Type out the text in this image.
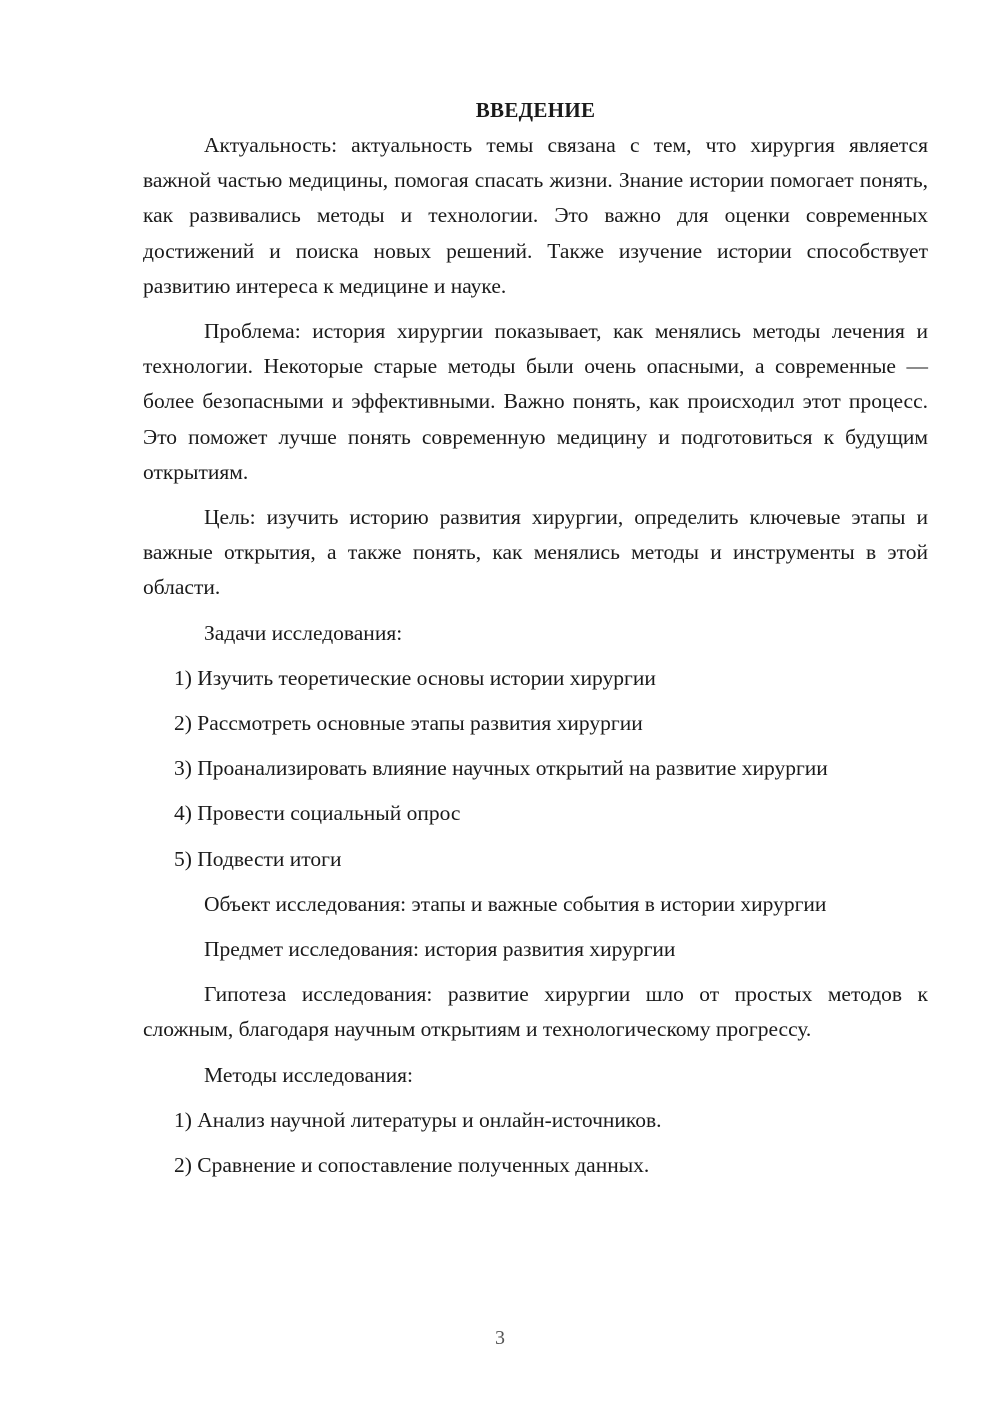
ВВЕДЕНИЕ

Актуальность: актуальность темы связана с тем, что хирургия является важной частью медицины, помогая спасать жизни. Знание истории помогает понять, как развивались методы и технологии. Это важно для оценки современных достижений и поиска новых решений. Также изучение истории способствует развитию интереса к медицине и науке.

Проблема: история хирургии показывает, как менялись методы лечения и технологии. Некоторые старые методы были очень опасными, а современные — более безопасными и эффективными. Важно понять, как происходил этот процесс. Это поможет лучше понять современную медицину и подготовиться к будущим открытиям.

Цель: изучить историю развития хирургии, определить ключевые этапы и важные открытия, а также понять, как менялись методы и инструменты в этой области.

Задачи исследования:

1) Изучить теоретические основы истории хирургии

2) Рассмотреть основные этапы развития хирургии

3) Проанализировать влияние научных открытий на развитие хирургии

4) Провести социальный опрос

5) Подвести итоги

Объект исследования: этапы и важные события в истории хирургии

Предмет исследования: история развития хирургии

Гипотеза исследования: развитие хирургии шло от простых методов к сложным, благодаря научным открытиям и технологическому прогрессу.

Методы исследования:

1) Анализ научной литературы и онлайн-источников.

2) Сравнение и сопоставление полученных данных.

3
